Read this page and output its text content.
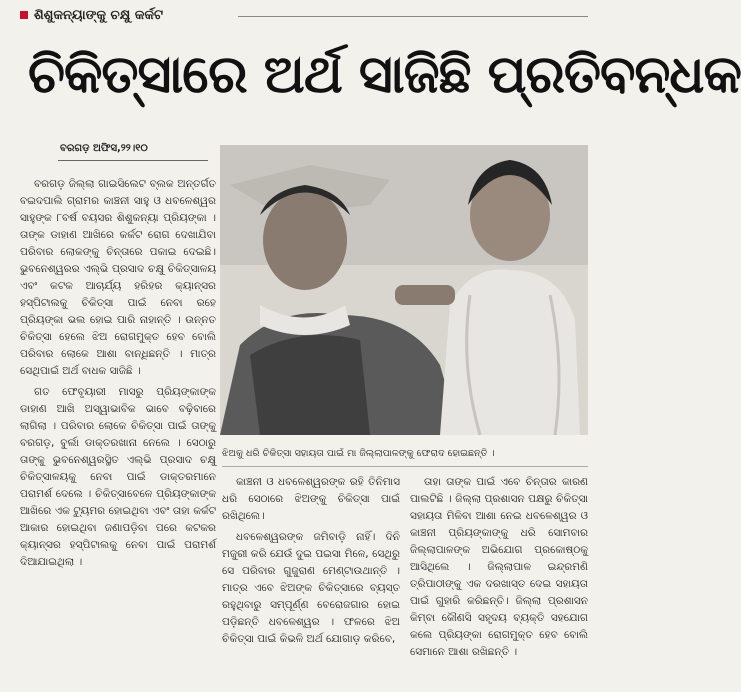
ଶିଶୁକନ୍ୟାଙ୍କୁ ଚକ୍ଷୁ କର୍କଟ
ଚିକିତ୍ସାରେ ଅର୍ଥ ସାଜିଛି ପ୍ରତିବନ୍ଧକ
ବରଗଡ଼ ଅଫିସ,୨୨।୧୦

ବରଗଡ଼ ଜିଲ୍ଲା ଗାଇସିଲେଟ ବ୍ଲକ ଅନ୍ତର୍ଗତ ବଇଦପାଲି ଗ୍ରାମର କାଞ୍ଚନୀ ସାହୁ ଓ ଧବଳେଶ୍ୱର ସାହୁଙ୍କ ୮ବର୍ଷ ବୟସର ଶିଶୁକନ୍ୟା ପ୍ରିୟଙ୍କା । ତାଙ୍କ ଡାହାଣ ଆଖିରେ କର୍କଟ ରୋଗ ଦେଖାଯିବା ପରିବାର ଲୋକଙ୍କୁ ଚିନ୍ତାରେ ପକାଇ ଦେଇଛି। ଭୁବନେଶ୍ୱରର ଏଲ୍ଭି ପ୍ରସାଦ ଚକ୍ଷୁ ଚିକିତ୍ସାଳୟ ଏବଂ କଟକ ଆଚାର୍ଯ୍ୟ ହରିହର କ୍ୟାନ୍ସର ହସ୍ପିଟାଲକୁ ଚିକିତ୍ସା ପାଇଁ ନେବା ରହେ ପ୍ରିୟଙ୍କା ଭଲ ହୋଇ ପାରି ନାହାନ୍ତି । ଉନ୍ନତ ଚିକିତ୍ସା ହେଲେ ଝିଅ ରୋଗମୁକ୍ତ ହେବ ବୋଲି ପରିବାର ଲୋକେ ଆଶା ବାନ୍ଧିଛନ୍ତି । ମାତ୍ର ସେଥିପାଇଁ ଅର୍ଥ ବାଧକ ସାଜିଛି ।

ଗତ ଫେବୃୟାରୀ ମାସରୁ ପ୍ରିୟଙ୍କାଙ୍କ ଡାହାଣ ଆଖି ଅସ୍ୱାଭାବିକ ଭାବେ ବଢ଼ିବାରେ ଲାଗିଲା । ପରିବାର ଲୋକେ ଚିକିତ୍ସା ପାଇଁ ତାଙ୍କୁ ବରଗଡ଼, ବୁର୍ଲା ଡାକ୍ତରଖାନା ନେଲେ । ସେଠାରୁ ତାଙ୍କୁ ଭୁବନେଶ୍ୱରସ୍ଥିତ ଏଲ୍ଭି ପ୍ରସାଦ ଚକ୍ଷୁ ଚିକିତ୍ସାଳୟକୁ ନେବା ପାଇଁ ଡାକ୍ତରମାନେ ପରାମର୍ଶ ଦେଲେ । ଚିକିତ୍ସାବେଳେ ପ୍ରିୟଙ୍କାଙ୍କ ଆଖିରେ ଏକ ଟ୍ୟୁମର ହୋଇଥିବା ଏବଂ ତାହା କର୍କଟ ଆକାର ହୋଇଥିବା ଜଣାପଡ଼ିବା ପରେ କଟକର କ୍ୟାନ୍ସର ହସ୍ପିଟାଲକୁ ନେବା ପାଇଁ ପରାମର୍ଶ ଦିଆଯାଇଥିଲା ।

ଝିଅକୁ ଧରି ଚିକିତ୍ସା ସହାୟତା ପାଇଁ ମା ଜିଲ୍ଲାପାଳଙ୍କୁ ଫେରାଦ ହୋଇଛନ୍ତି ।

କାଞ୍ଚନୀ ଓ ଧବଳେଶ୍ୱରଙ୍କ ରହି ତିନିମାସ ଧରି ସେଠାରେ ଝିଅଙ୍କୁ ଚିକିତ୍ସା ପାଇଁ ରଖିଥିଲେ।

ଧବଳେଶ୍ୱରଙ୍କ ଜମିବାଡ଼ି ନାହିଁ। ଦିନି ମଜୁରୀ କରି ଯେଉଁ ଦୁଇ ପଇସା ମିଳେ, ସେଥିରୁ ସେ ପରିବାର ଗୁଜୁରାଣ ମେଣ୍ଟାଉଥାନ୍ତି । ମାତ୍ର ଏବେ ଝିଅଙ୍କ ଚିକିତ୍ସାରେ ବ୍ୟସ୍ତ ରହୁଥିବାରୁ ସମ୍ପୂର୍ଣ୍ଣ ବେରୋଜଗାର ହୋଇ ପଡ଼ିଛନ୍ତି ଧବଳେଶ୍ୱର । ଫଳରେ ଝିଅ ଚିକିତ୍ସା ପାଇଁ କିଭଳି ଅର୍ଥ ଯୋଗାଡ଼ କରିବେ,

ତାହା ତାଙ୍କ ପାଇଁ ଏବେ ଚିନ୍ତାର କାରଣ ପାଲଟିଛି । ଜିଲ୍ଲା ପ୍ରଶାସନ ପକ୍ଷରୁ ଚିକିତ୍ସା ସହାୟତା ମିଳିବା ଆଶା ନେଇ ଧବଳେଶ୍ୱର ଓ କାଞ୍ଚନୀ ପ୍ରିୟଙ୍କାଙ୍କୁ ଧରି ସୋମବାର ଜିଲ୍ଲାପାଳଙ୍କ ଅଭିଯୋଗ ପ୍ରକୋଷ୍ଠକୁ ଆସିଥିଲେ । ଜିଲ୍ଲାପାଳ ଇନ୍ଦ୍ରମଣି ତ୍ରିପାଠୀଙ୍କୁ ଏକ ଦରଖାସ୍ତ ଦେଇ ସହାୟତା ପାଇଁ ଗୁହାରି କରିଛନ୍ତି। ଜିଲ୍ଲା ପ୍ରଶାସନ କିମ୍ବା କୌଣସି ସହୃଦୟ ବ୍ୟକ୍ତି ସହଯୋଗ କଲେ ପ୍ରିୟଙ୍କା ରୋଗମୁକ୍ତ ହେବ ବୋଲି ସେମାନେ ଆଶା ରଖିଛନ୍ତି ।
